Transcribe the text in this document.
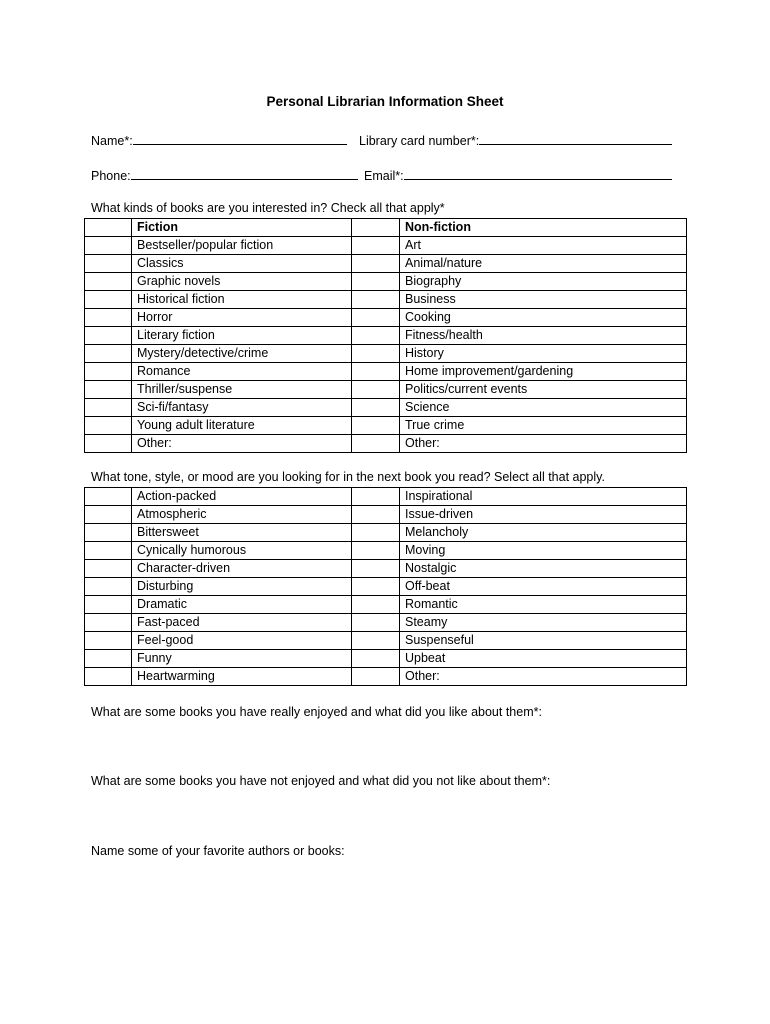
Personal Librarian Information Sheet
Name*:	Library card number*:
Phone:	Email*:
What kinds of books are you interested in? Check all that apply*
	Fiction		Non-fiction
	Bestseller/popular fiction		Art
	Classics		Animal/nature
	Graphic novels		Biography
	Historical fiction		Business
	Horror		Cooking
	Literary fiction		Fitness/health
	Mystery/detective/crime		History
	Romance		Home improvement/gardening
	Thriller/suspense		Politics/current events
	Sci-fi/fantasy		Science
	Young adult literature		True crime
	Other:		Other:
What tone, style, or mood are you looking for in the next book you read? Select all that apply.
	Action-packed		Inspirational
	Atmospheric		Issue-driven
	Bittersweet		Melancholy
	Cynically humorous		Moving
	Character-driven		Nostalgic
	Disturbing		Off-beat
	Dramatic		Romantic
	Fast-paced		Steamy
	Feel-good		Suspenseful
	Funny		Upbeat
	Heartwarming		Other:
What are some books you have really enjoyed and what did you like about them*:
What are some books you have not enjoyed and what did you not like about them*:
Name some of your favorite authors or books:
